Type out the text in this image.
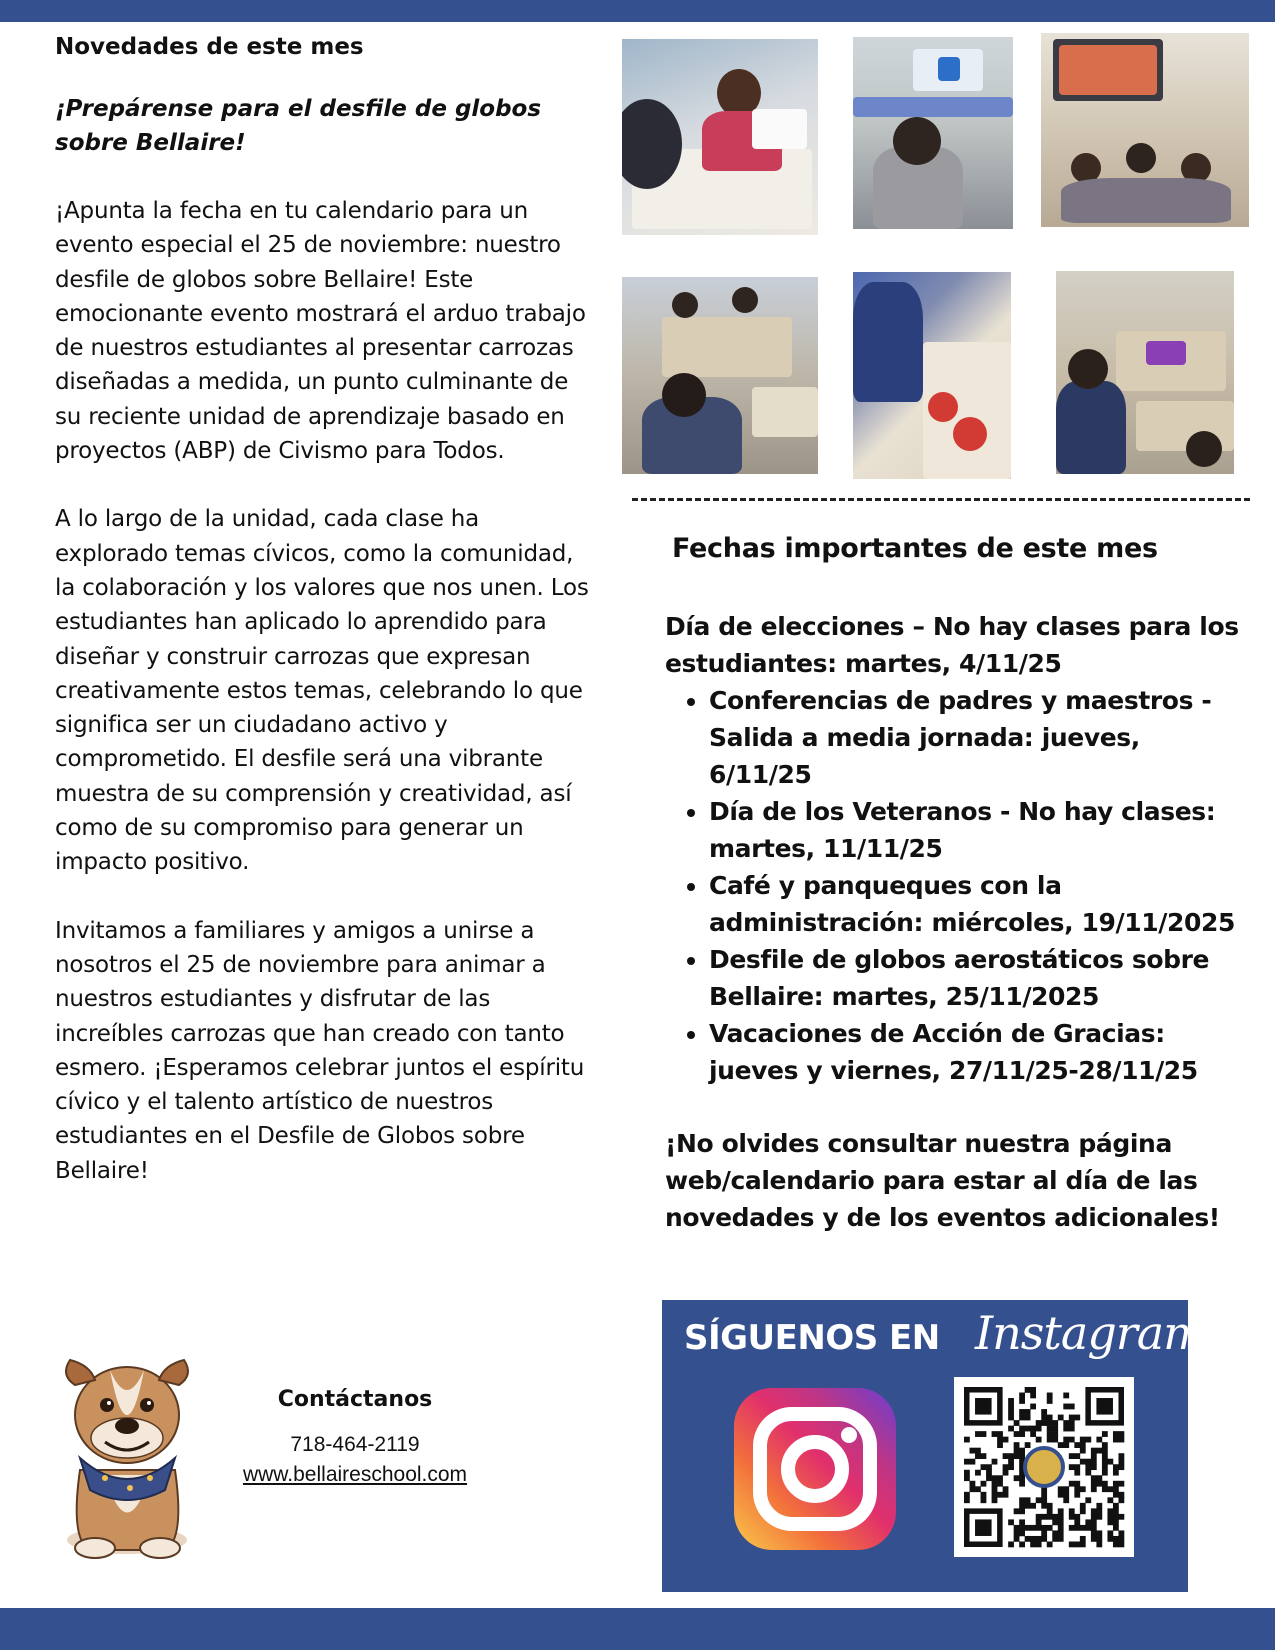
Novedades de este mes

¡Prepárense para el desfile de globos sobre Bellaire!

¡Apunta la fecha en tu calendario para un evento especial el 25 de noviembre: nuestro desfile de globos sobre Bellaire! Este emocionante evento mostrará el arduo trabajo de nuestros estudiantes al presentar carrozas diseñadas a medida, un punto culminante de su reciente unidad de aprendizaje basado en proyectos (ABP) de Civismo para Todos.

A lo largo de la unidad, cada clase ha explorado temas cívicos, como la comunidad, la colaboración y los valores que nos unen. Los estudiantes han aplicado lo aprendido para diseñar y construir carrozas que expresan creativamente estos temas, celebrando lo que significa ser un ciudadano activo y comprometido. El desfile será una vibrante muestra de su comprensión y creatividad, así como de su compromiso para generar un impacto positivo.

Invitamos a familiares y amigos a unirse a nosotros el 25 de noviembre para animar a nuestros estudiantes y disfrutar de las increíbles carrozas que han creado con tanto esmero. ¡Esperamos celebrar juntos el espíritu cívico y el talento artístico de nuestros estudiantes en el Desfile de Globos sobre Bellaire!

Fechas importantes de este mes

Día de elecciones – No hay clases para los estudiantes: martes, 4/11/25

• Conferencias de padres y maestros - Salida a media jornada: jueves, 6/11/25
• Día de los Veteranos - No hay clases: martes, 11/11/25
• Café y panqueques con la administración: miércoles, 19/11/2025
• Desfile de globos aerostáticos sobre Bellaire: martes, 25/11/2025
• Vacaciones de Acción de Gracias: jueves y viernes, 27/11/25-28/11/25

¡No olvides consultar nuestra página web/calendario para estar al día de las novedades y de los eventos adicionales!

Contáctanos
718-464-2119
www.bellaireschool.com
SÍGUENOS EN Instagram
